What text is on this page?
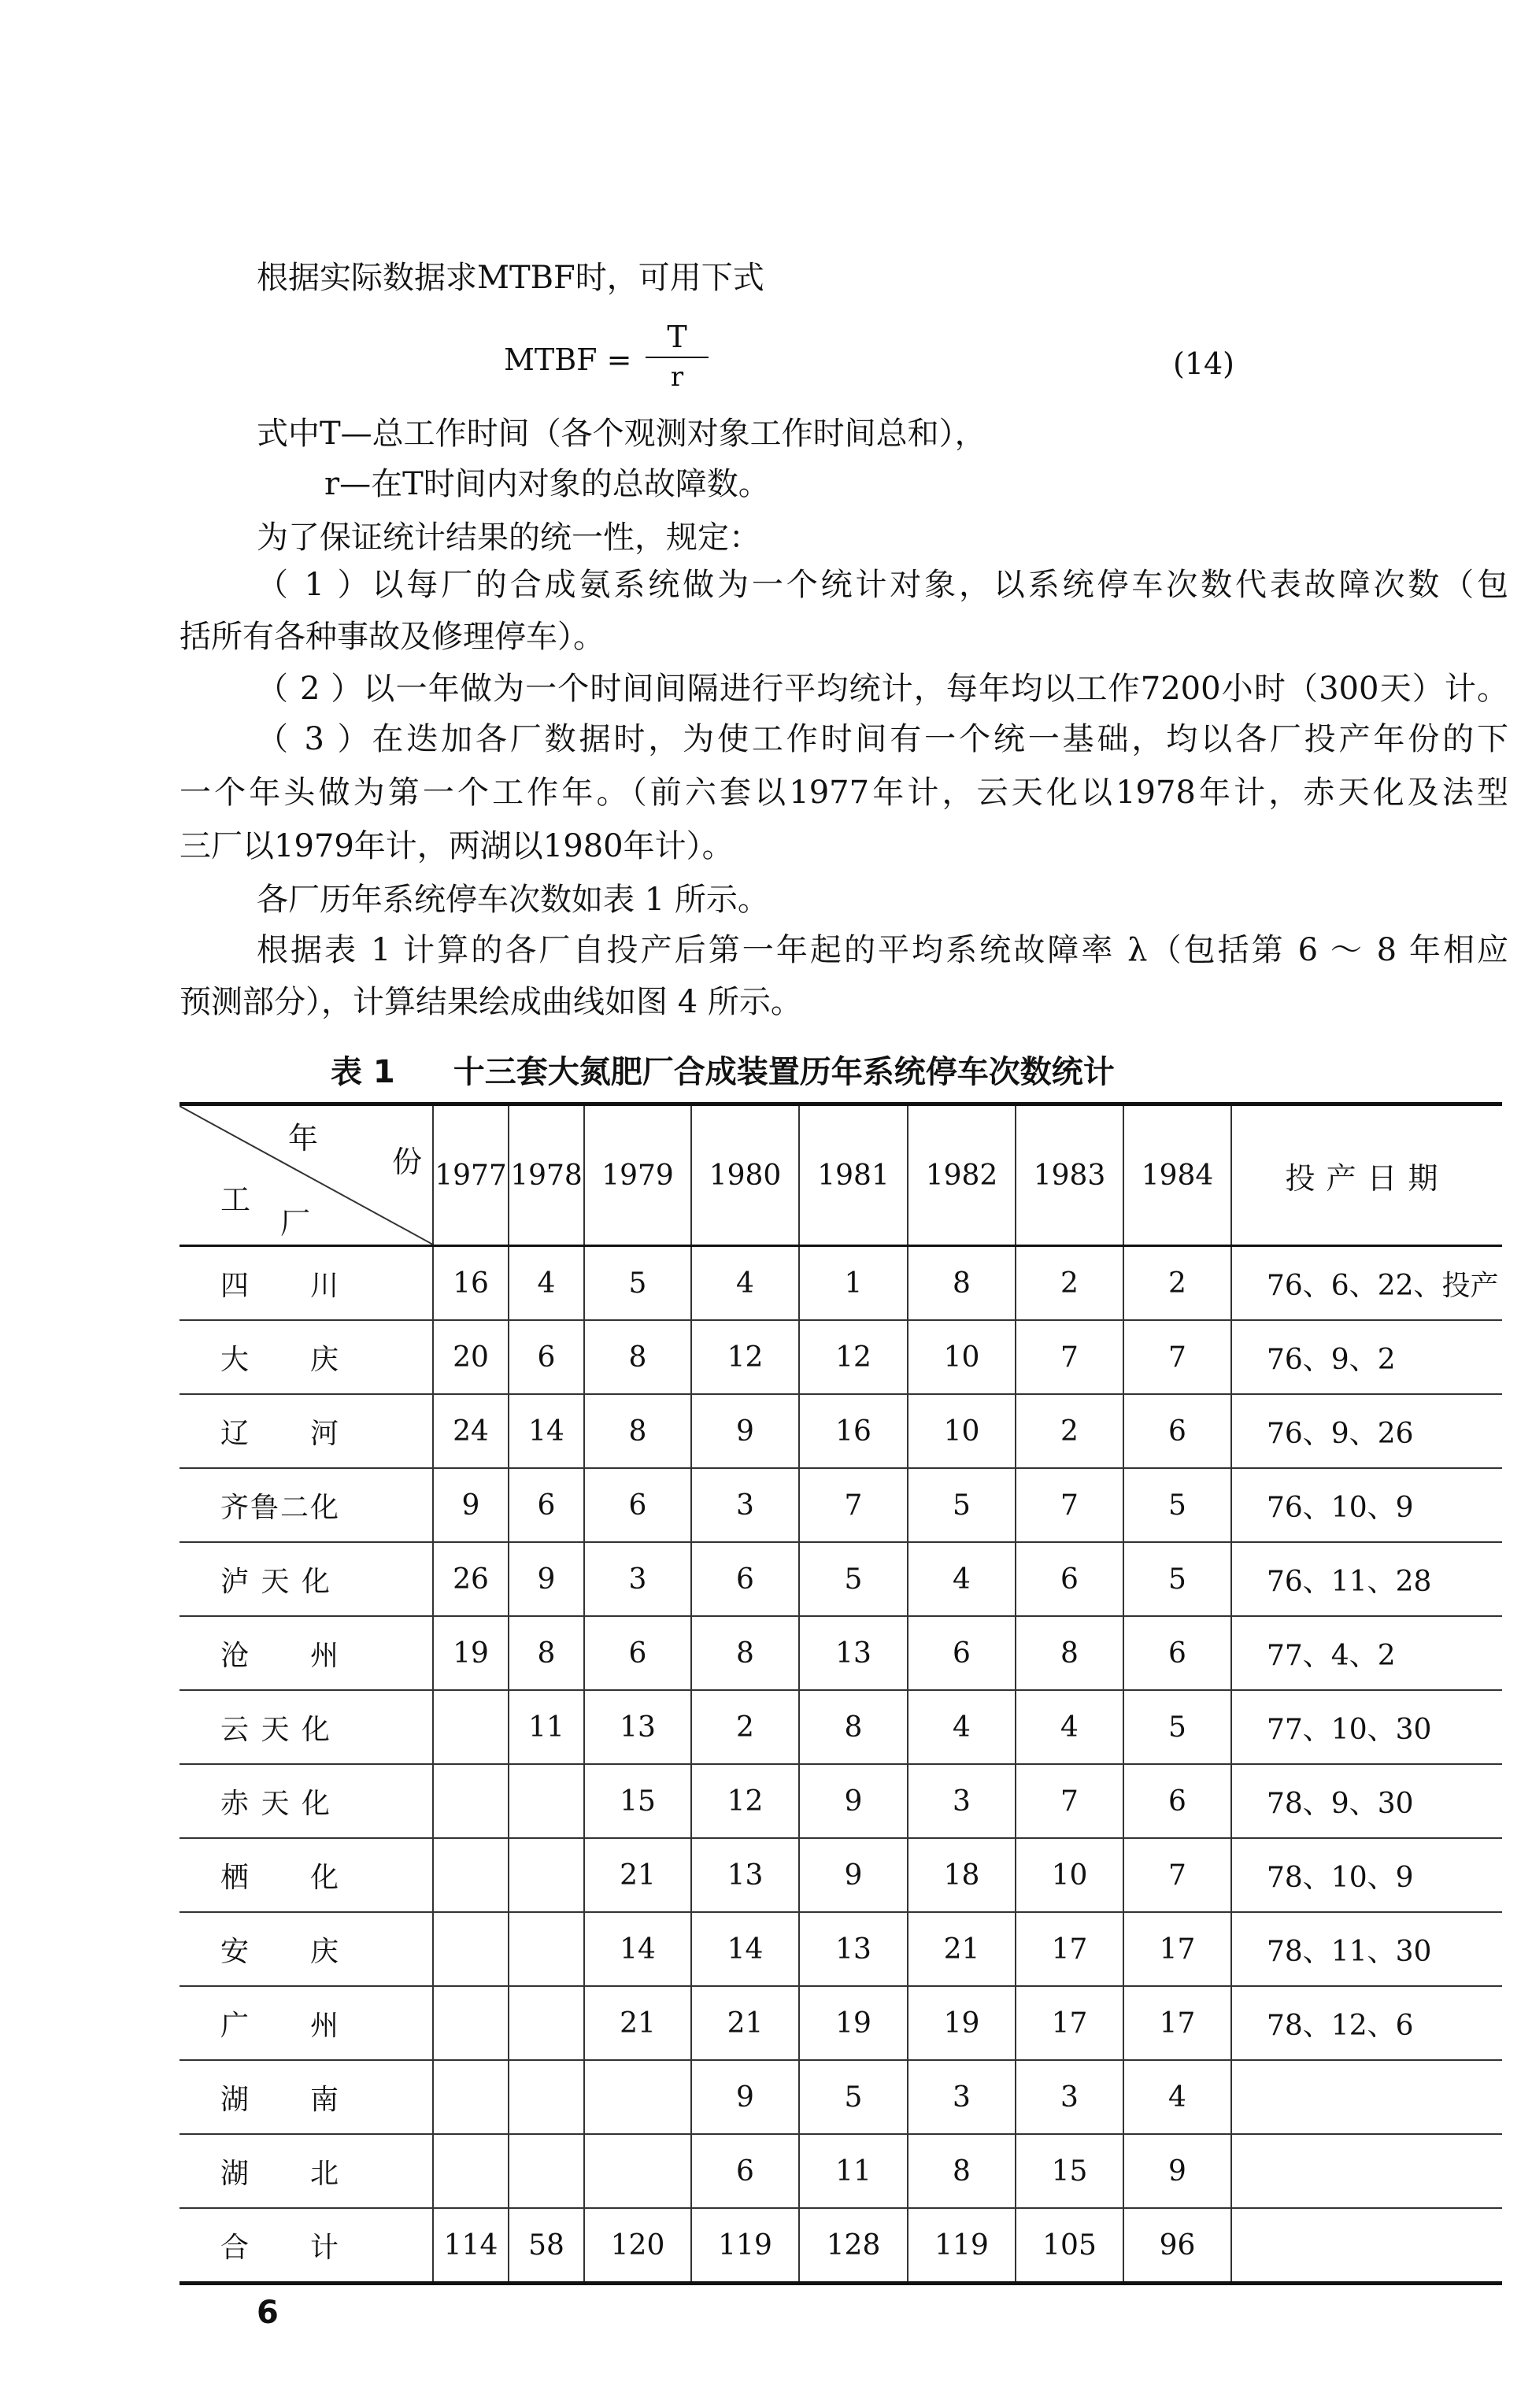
根据实际数据求MTBF时，可用下式
MTBF =
T
r	(14)
式中T—总工作时间（各个观测对象工作时间总和），
r—在T时间内对象的总故障数。
为了保证统计结果的统一性，规定：
（ 1 ）以每厂的合成氨系统做为一个统计对象，以系统停车次数代表故障次数（包
括所有各种事故及修理停车）。
（ 2 ）以一年做为一个时间间隔进行平均统计，每年均以工作7200小时（300天）计。
（ 3 ）在迭加各厂数据时，为使工作时间有一个统一基础，均以各厂投产年份的下
一个年头做为第一个工作年。（前六套以1977年计，云天化以1978年计，赤天化及法型
三厂以1979年计，两湖以1980年计）。
各厂历年系统停车次数如表 1 所示。
根据表 1 计算的各厂自投产后第一年起的平均系统故障率 λ（包括第 6 ～ 8 年相应
预测部分），计算结果绘成曲线如图 4 所示。
表 1 十三套大氮肥厂合成装置历年系统停车次数统计
年
份
工
厂	1977	1978	1979	1980	1981	1982	1983	1984	投产日期
四　　川	16	4	5	4	1	8	2	2	76、6、22、投产
大　　庆	20	6	8	12	12	10	7	7	76、9、2
辽　　河	24	14	8	9	16	10	2	6	76、9、26
齐鲁二化	9	6	6	3	7	5	7	5	76、10、9
泸 天 化	26	9	3	6	5	4	6	5	76、11、28
沧　　州	19	8	6	8	13	6	8	6	77、4、2
云 天 化		11	13	2	8	4	4	5	77、10、30
赤 天 化			15	12	9	3	7	6	78、9、30
栖　　化			21	13	9	18	10	7	78、10、9
安　　庆			14	14	13	21	17	17	78、11、30
广　　州			21	21	19	19	17	17	78、12、6
湖　　南				9	5	3	3	4	
湖　　北				6	11	8	15	9	
合　　计	114	58	120	119	128	119	105	96	
6
